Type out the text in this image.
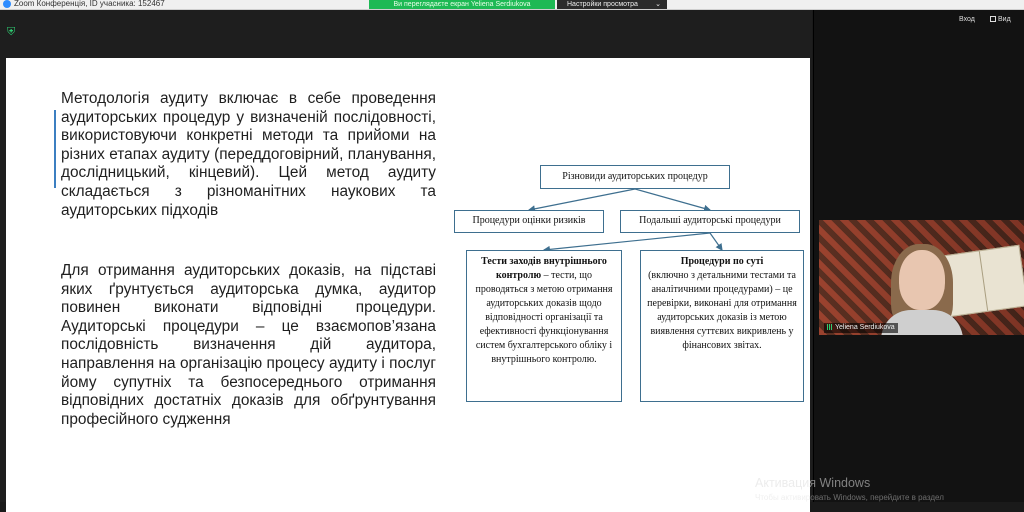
Zoom Конференція, ID учасника: 152467	Ви переглядаєте екран Yeliena Serdiukova	Настройки просмотра ⌄
⛨

Методологія аудиту включає в себе проведення аудиторських процедур у визначеній послідовності, використовуючи конкретні методи та прийоми на різних етапах аудиту (переддоговірний, планування, дослідницький, кінцевий). Цей метод аудиту складається з різноманітних наукових та аудиторських підходів

Для отримання аудиторських доказів, на підставі яких ґрунтується аудиторська думка, аудитор повинен виконати відповідні процедури. Аудиторські процедури – це взаємопов’язана послідовність визначення дій аудитора, направлення на організацію процесу аудиту і послуг йому супутніх та безпосереднього отримання відповідних достатніх доказів для обґрунтування професійного судження

Різновиди аудиторських процедур
Процедури оцінки ризиків	Подальші аудиторські процедури
Тести заходів внутрішнього контролю – тести, що проводяться з метою отримання аудиторських доказів щодо відповідності організації та ефективності функціонування систем бухгалтерського обліку і внутрішнього контролю.
Процедури по суті
(включно з детальними тестами та аналітичними процедурами) – це перевірки, виконані для отримання аудиторських доказів із метою виявлення суттєвих викривлень у фінансових звітах.
Вход	Вид
Yeliena Serdiukova
Активация Windows
Чтобы активировать Windows, перейдите в раздел
